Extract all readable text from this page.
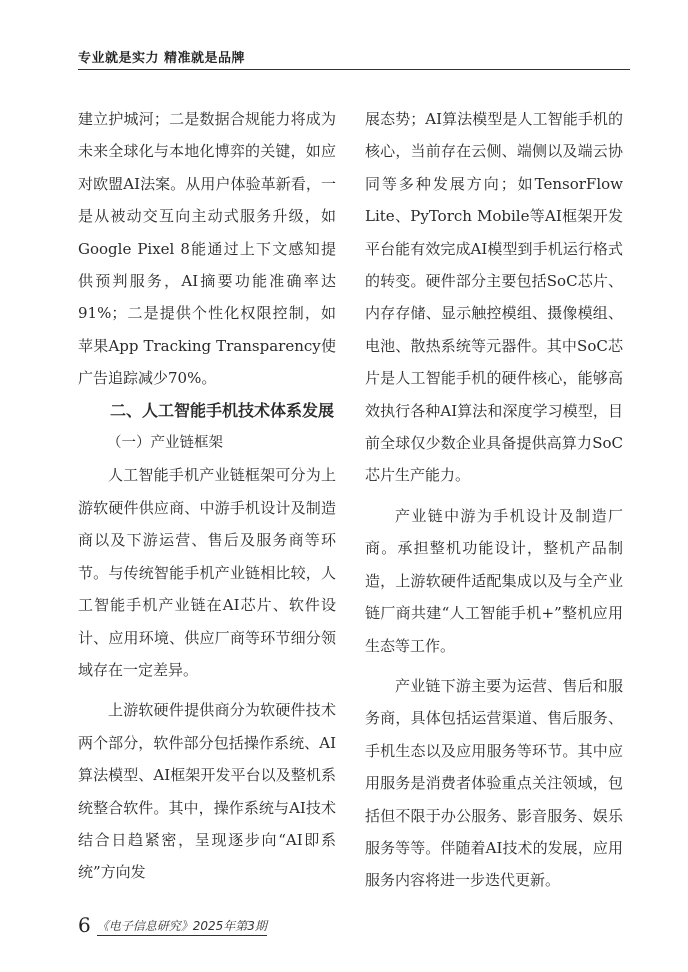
专业就是实力 精准就是品牌

建立护城河；二是数据合规能力将成为未来全球化与本地化博弈的关键，如应对欧盟AI法案。从用户体验革新看，一是从被动交互向主动式服务升级，如Google Pixel 8能通过上下文感知提供预判服务，AI摘要功能准确率达91%；二是提供个性化权限控制，如苹果App Tracking Transparency使广告追踪减少70%。

二、人工智能手机技术体系发展

（一）产业链框架

人工智能手机产业链框架可分为上游软硬件供应商、中游手机设计及制造商以及下游运营、售后及服务商等环节。与传统智能手机产业链相比较，人工智能手机产业链在AI芯片、软件设计、应用环境、供应厂商等环节细分领域存在一定差异。

上游软硬件提供商分为软硬件技术两个部分，软件部分包括操作系统、AI算法模型、AI框架开发平台以及整机系统整合软件。其中，操作系统与AI技术结合日趋紧密，呈现逐步向“AI即系统”方向发

展态势；AI算法模型是人工智能手机的核心，当前存在云侧、端侧以及端云协同等多种发展方向；如TensorFlow Lite、PyTorch Mobile等AI框架开发平台能有效完成AI模型到手机运行格式的转变。硬件部分主要包括SoC芯片、内存存储、显示触控模组、摄像模组、电池、散热系统等元器件。其中SoC芯片是人工智能手机的硬件核心，能够高效执行各种AI算法和深度学习模型，目前全球仅少数企业具备提供高算力SoC芯片生产能力。

产业链中游为手机设计及制造厂商。承担整机功能设计，整机产品制造，上游软硬件适配集成以及与全产业链厂商共建“人工智能手机+”整机应用生态等工作。

产业链下游主要为运营、售后和服务商，具体包括运营渠道、售后服务、手机生态以及应用服务等环节。其中应用服务是消费者体验重点关注领域，包括但不限于办公服务、影音服务、娱乐服务等等。伴随着AI技术的发展，应用服务内容将进一步迭代更新。

6 《电子信息研究》2025年第3期
